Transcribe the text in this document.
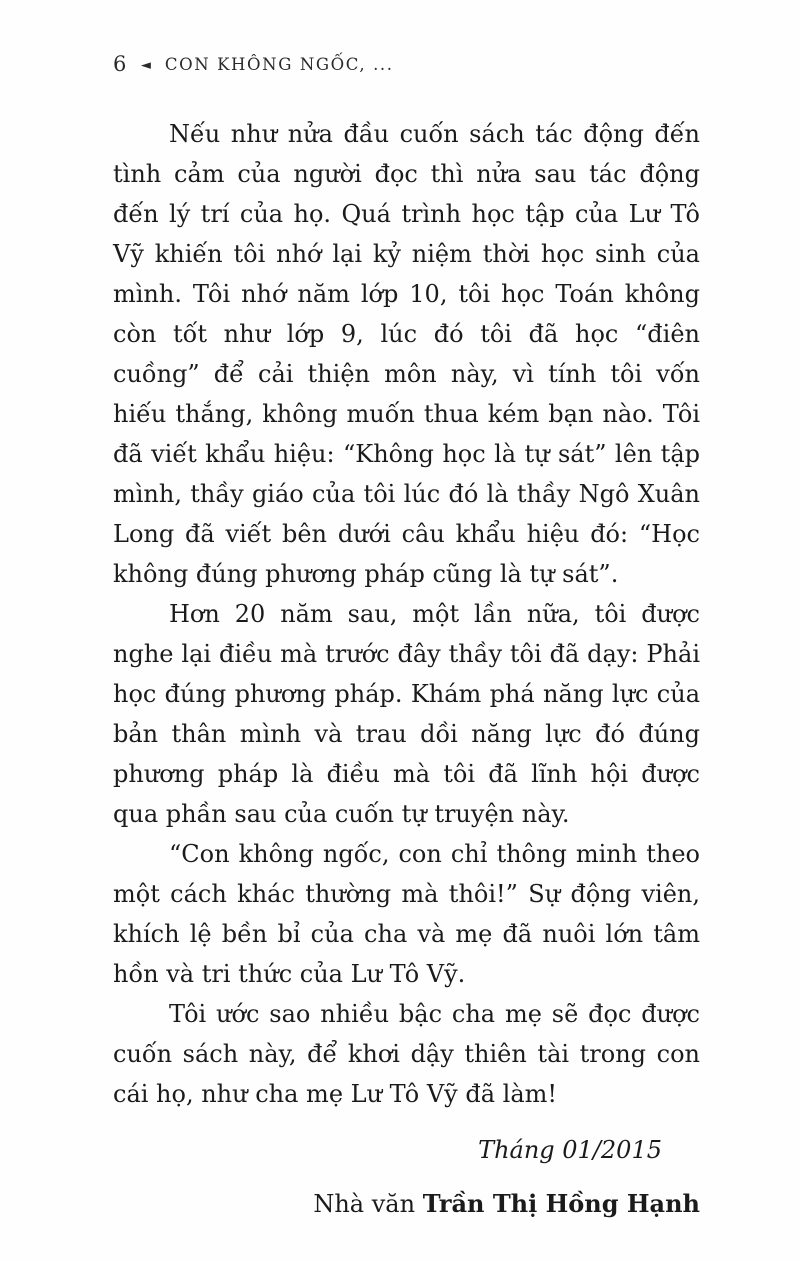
6 ◄ CON KHÔNG NGỐC, ...

Nếu như nửa đầu cuốn sách tác động đến tình cảm của người đọc thì nửa sau tác động đến lý trí của họ. Quá trình học tập của Lư Tô Vỹ khiến tôi nhớ lại kỷ niệm thời học sinh của mình. Tôi nhớ năm lớp 10, tôi học Toán không còn tốt như lớp 9, lúc đó tôi đã học “điên cuồng” để cải thiện môn này, vì tính tôi vốn hiếu thắng, không muốn thua kém bạn nào. Tôi đã viết khẩu hiệu: “Không học là tự sát” lên tập mình, thầy giáo của tôi lúc đó là thầy Ngô Xuân Long đã viết bên dưới câu khẩu hiệu đó: “Học không đúng phương pháp cũng là tự sát”.

Hơn 20 năm sau, một lần nữa, tôi được nghe lại điều mà trước đây thầy tôi đã dạy: Phải học đúng phương pháp. Khám phá năng lực của bản thân mình và trau dồi năng lực đó đúng phương pháp là điều mà tôi đã lĩnh hội được qua phần sau của cuốn tự truyện này.

“Con không ngốc, con chỉ thông minh theo một cách khác thường mà thôi!” Sự động viên, khích lệ bền bỉ của cha và mẹ đã nuôi lớn tâm hồn và tri thức của Lư Tô Vỹ.

Tôi ước sao nhiều bậc cha mẹ sẽ đọc được cuốn sách này, để khơi dậy thiên tài trong con cái họ, như cha mẹ Lư Tô Vỹ đã làm!

Tháng 01/2015
Nhà văn Trần Thị Hồng Hạnh
